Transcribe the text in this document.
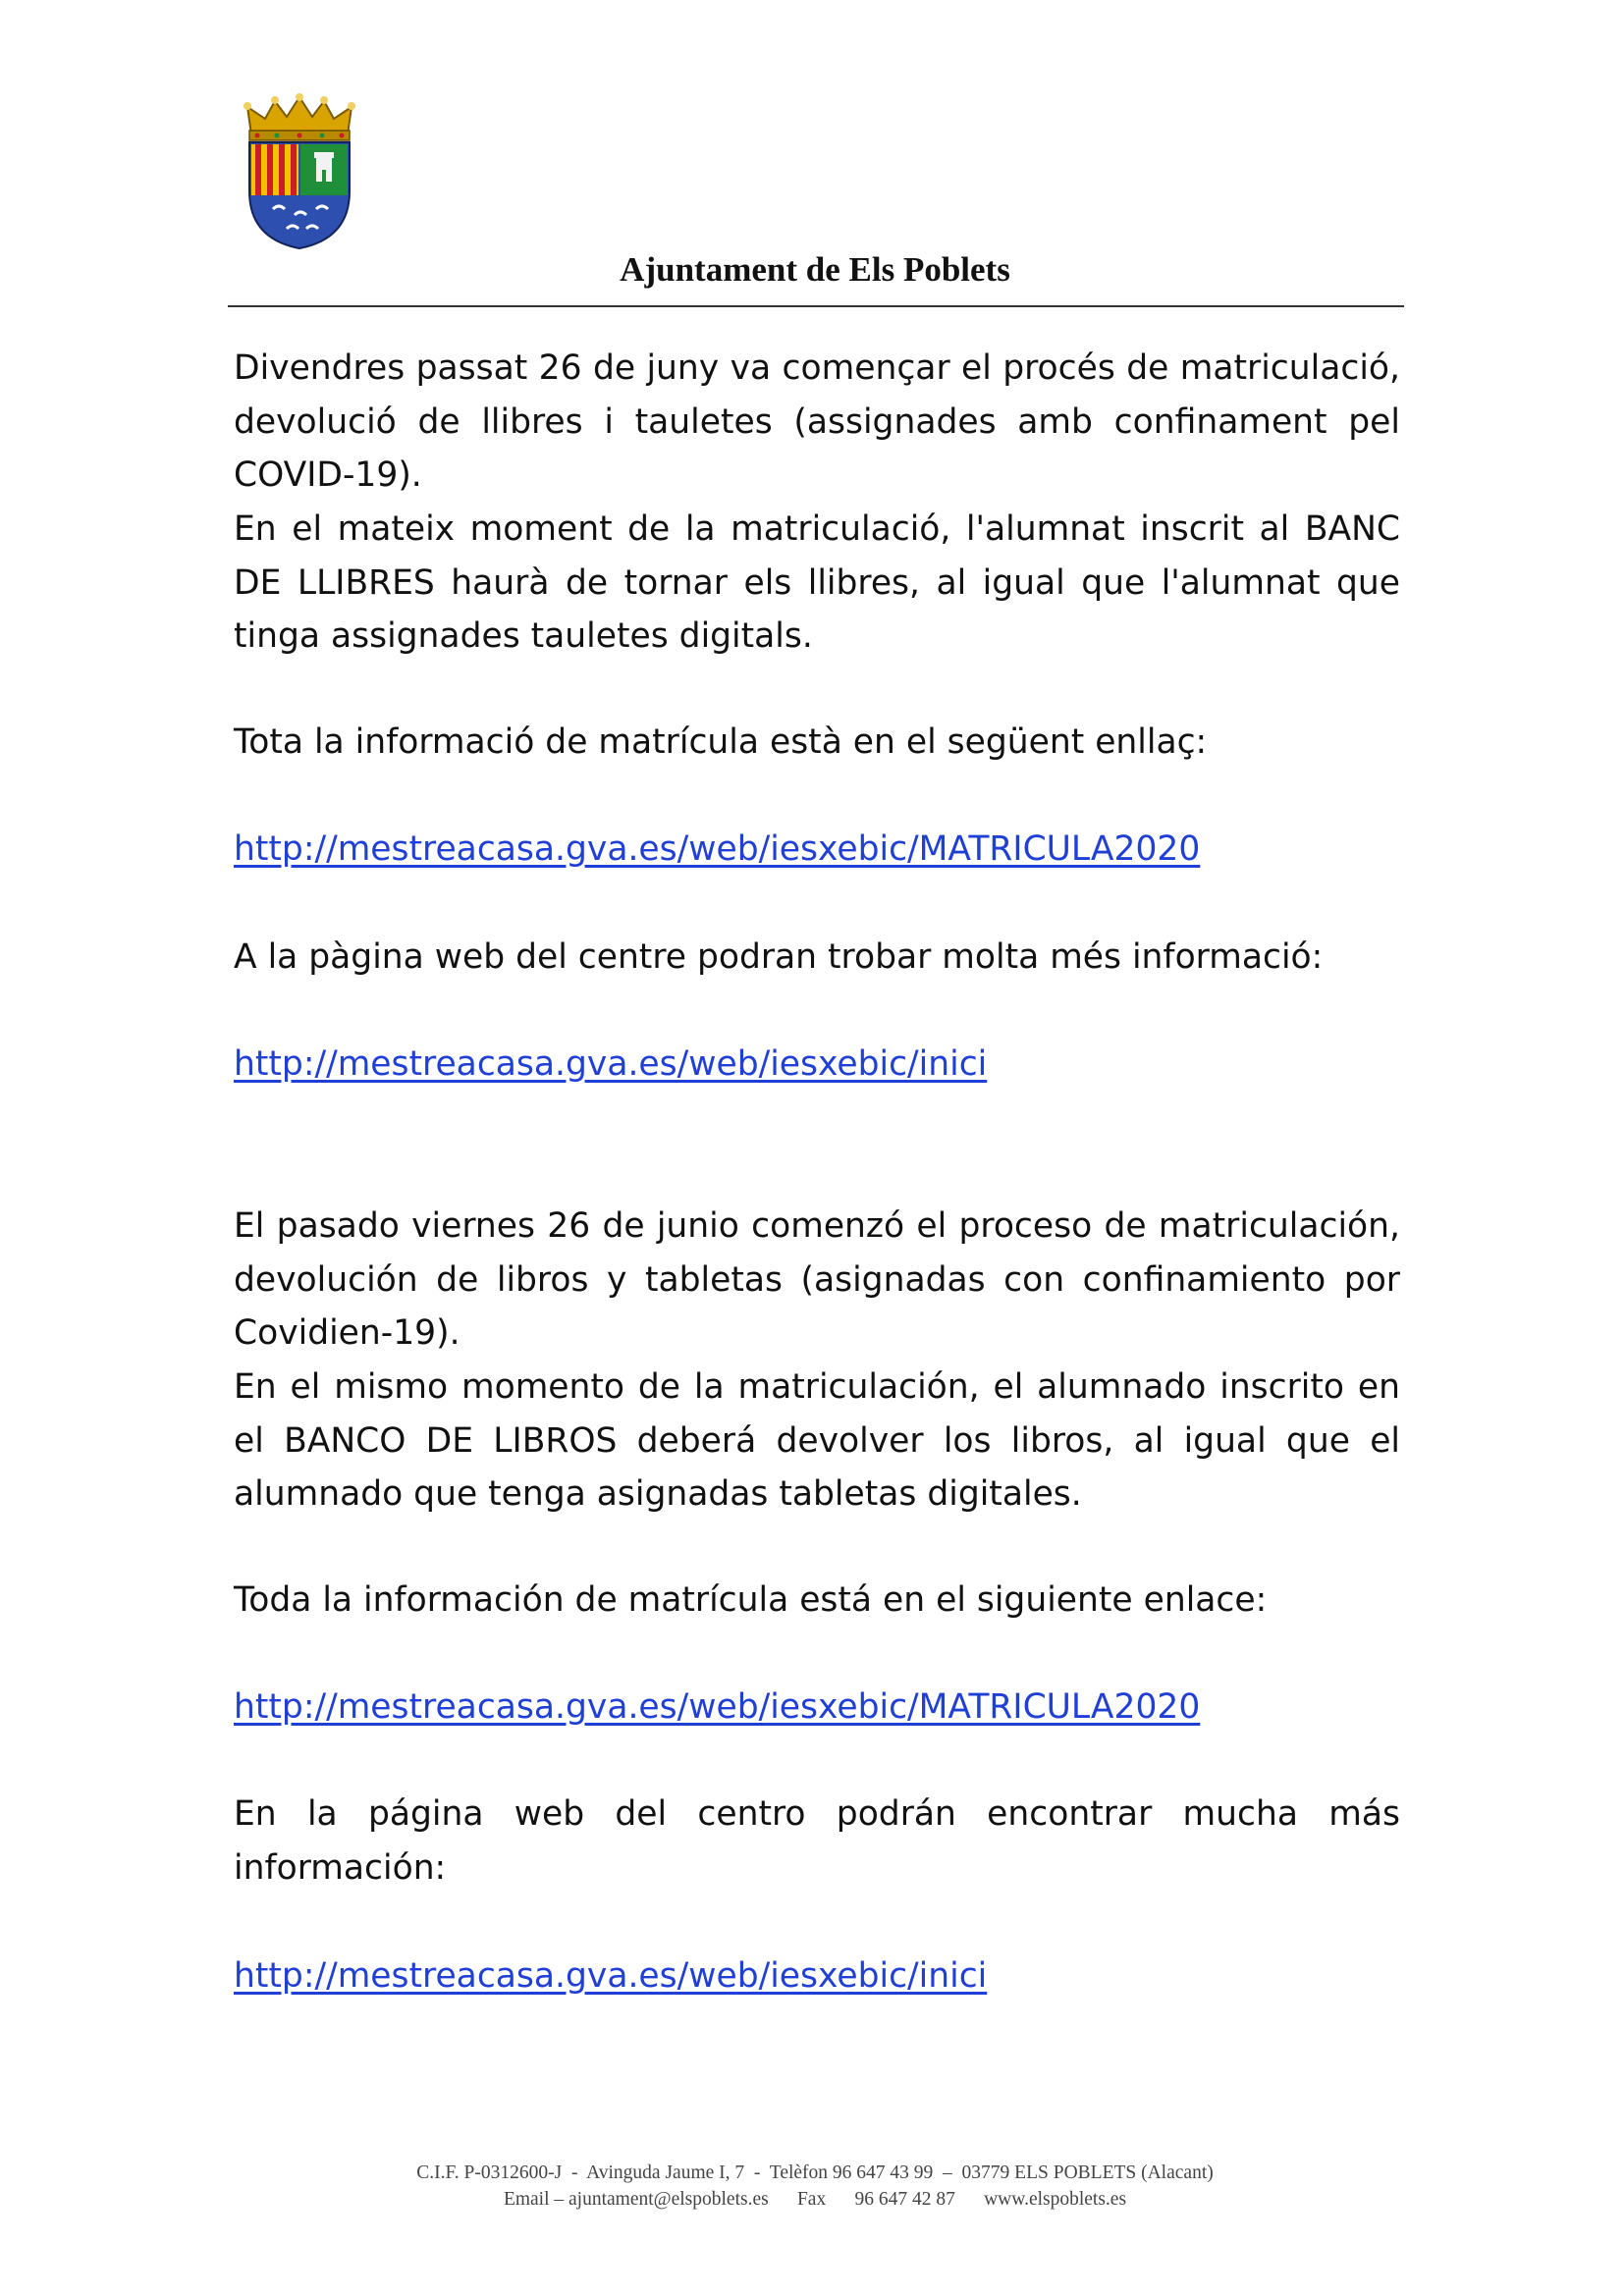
Ajuntament de Els Poblets

Divendres passat 26 de juny va començar el procés de matriculació, devolució de llibres i tauletes (assignades amb confinament pel COVID-19).

En el mateix moment de la matriculació, l'alumnat inscrit al BANC DE LLIBRES haurà de tornar els llibres, al igual que l'alumnat que tinga assignades tauletes digitals.

Tota la informació de matrícula està en el següent enllaç:

http://mestreacasa.gva.es/web/iesxebic/MATRICULA2020

A la pàgina web del centre podran trobar molta més informació:

http://mestreacasa.gva.es/web/iesxebic/inici

El pasado viernes 26 de junio comenzó el proceso de matriculación, devolución de libros y tabletas (asignadas con confinamiento por Covidien-19).

En el mismo momento de la matriculación, el alumnado inscrito en el BANCO DE LIBROS deberá devolver los libros, al igual que el alumnado que tenga asignadas tabletas digitales.

Toda la información de matrícula está en el siguiente enlace:

http://mestreacasa.gva.es/web/iesxebic/MATRICULA2020

En la página web del centro podrán encontrar mucha más información:

http://mestreacasa.gva.es/web/iesxebic/inici

C.I.F. P-0312600-J  -  Avinguda Jaume I, 7  -  Telèfon 96 647 43 99  –  03779 ELS POBLETS (Alacant)
Email – ajuntament@elspoblets.es      Fax      96 647 42 87      www.elspoblets.es
